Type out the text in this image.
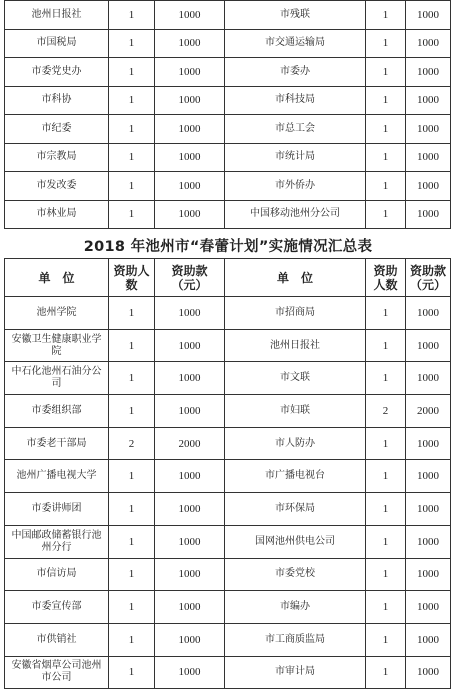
池州日报社	1	1000	市残联	1	1000
市国税局	1	1000	市交通运输局	1	1000
市委党史办	1	1000	市委办	1	1000
市科协	1	1000	市科技局	1	1000
市纪委	1	1000	市总工会	1	1000
市宗教局	1	1000	市统计局	1	1000
市发改委	1	1000	市外侨办	1	1000
市林业局	1	1000	中国移动池州分公司	1	1000
2018 年池州市“春蕾计划”实施情况汇总表
单　位	资助人数	资助款（元）	单　位	资助人数	资助款（元）
池州学院	1	1000	市招商局	1	1000
安徽卫生健康职业学院	1	1000	池州日报社	1	1000
中石化池州石油分公司	1	1000	市文联	1	1000
市委组织部	1	1000	市妇联	2	2000
市委老干部局	2	2000	市人防办	1	1000
池州广播电视大学	1	1000	市广播电视台	1	1000
市委讲师团	1	1000	市环保局	1	1000
中国邮政储蓄银行池州分行	1	1000	国网池州供电公司	1	1000
市信访局	1	1000	市委党校	1	1000
市委宣传部	1	1000	市编办	1	1000
市供销社	1	1000	市工商质监局	1	1000
安徽省烟草公司池州市公司	1	1000	市审计局	1	1000
